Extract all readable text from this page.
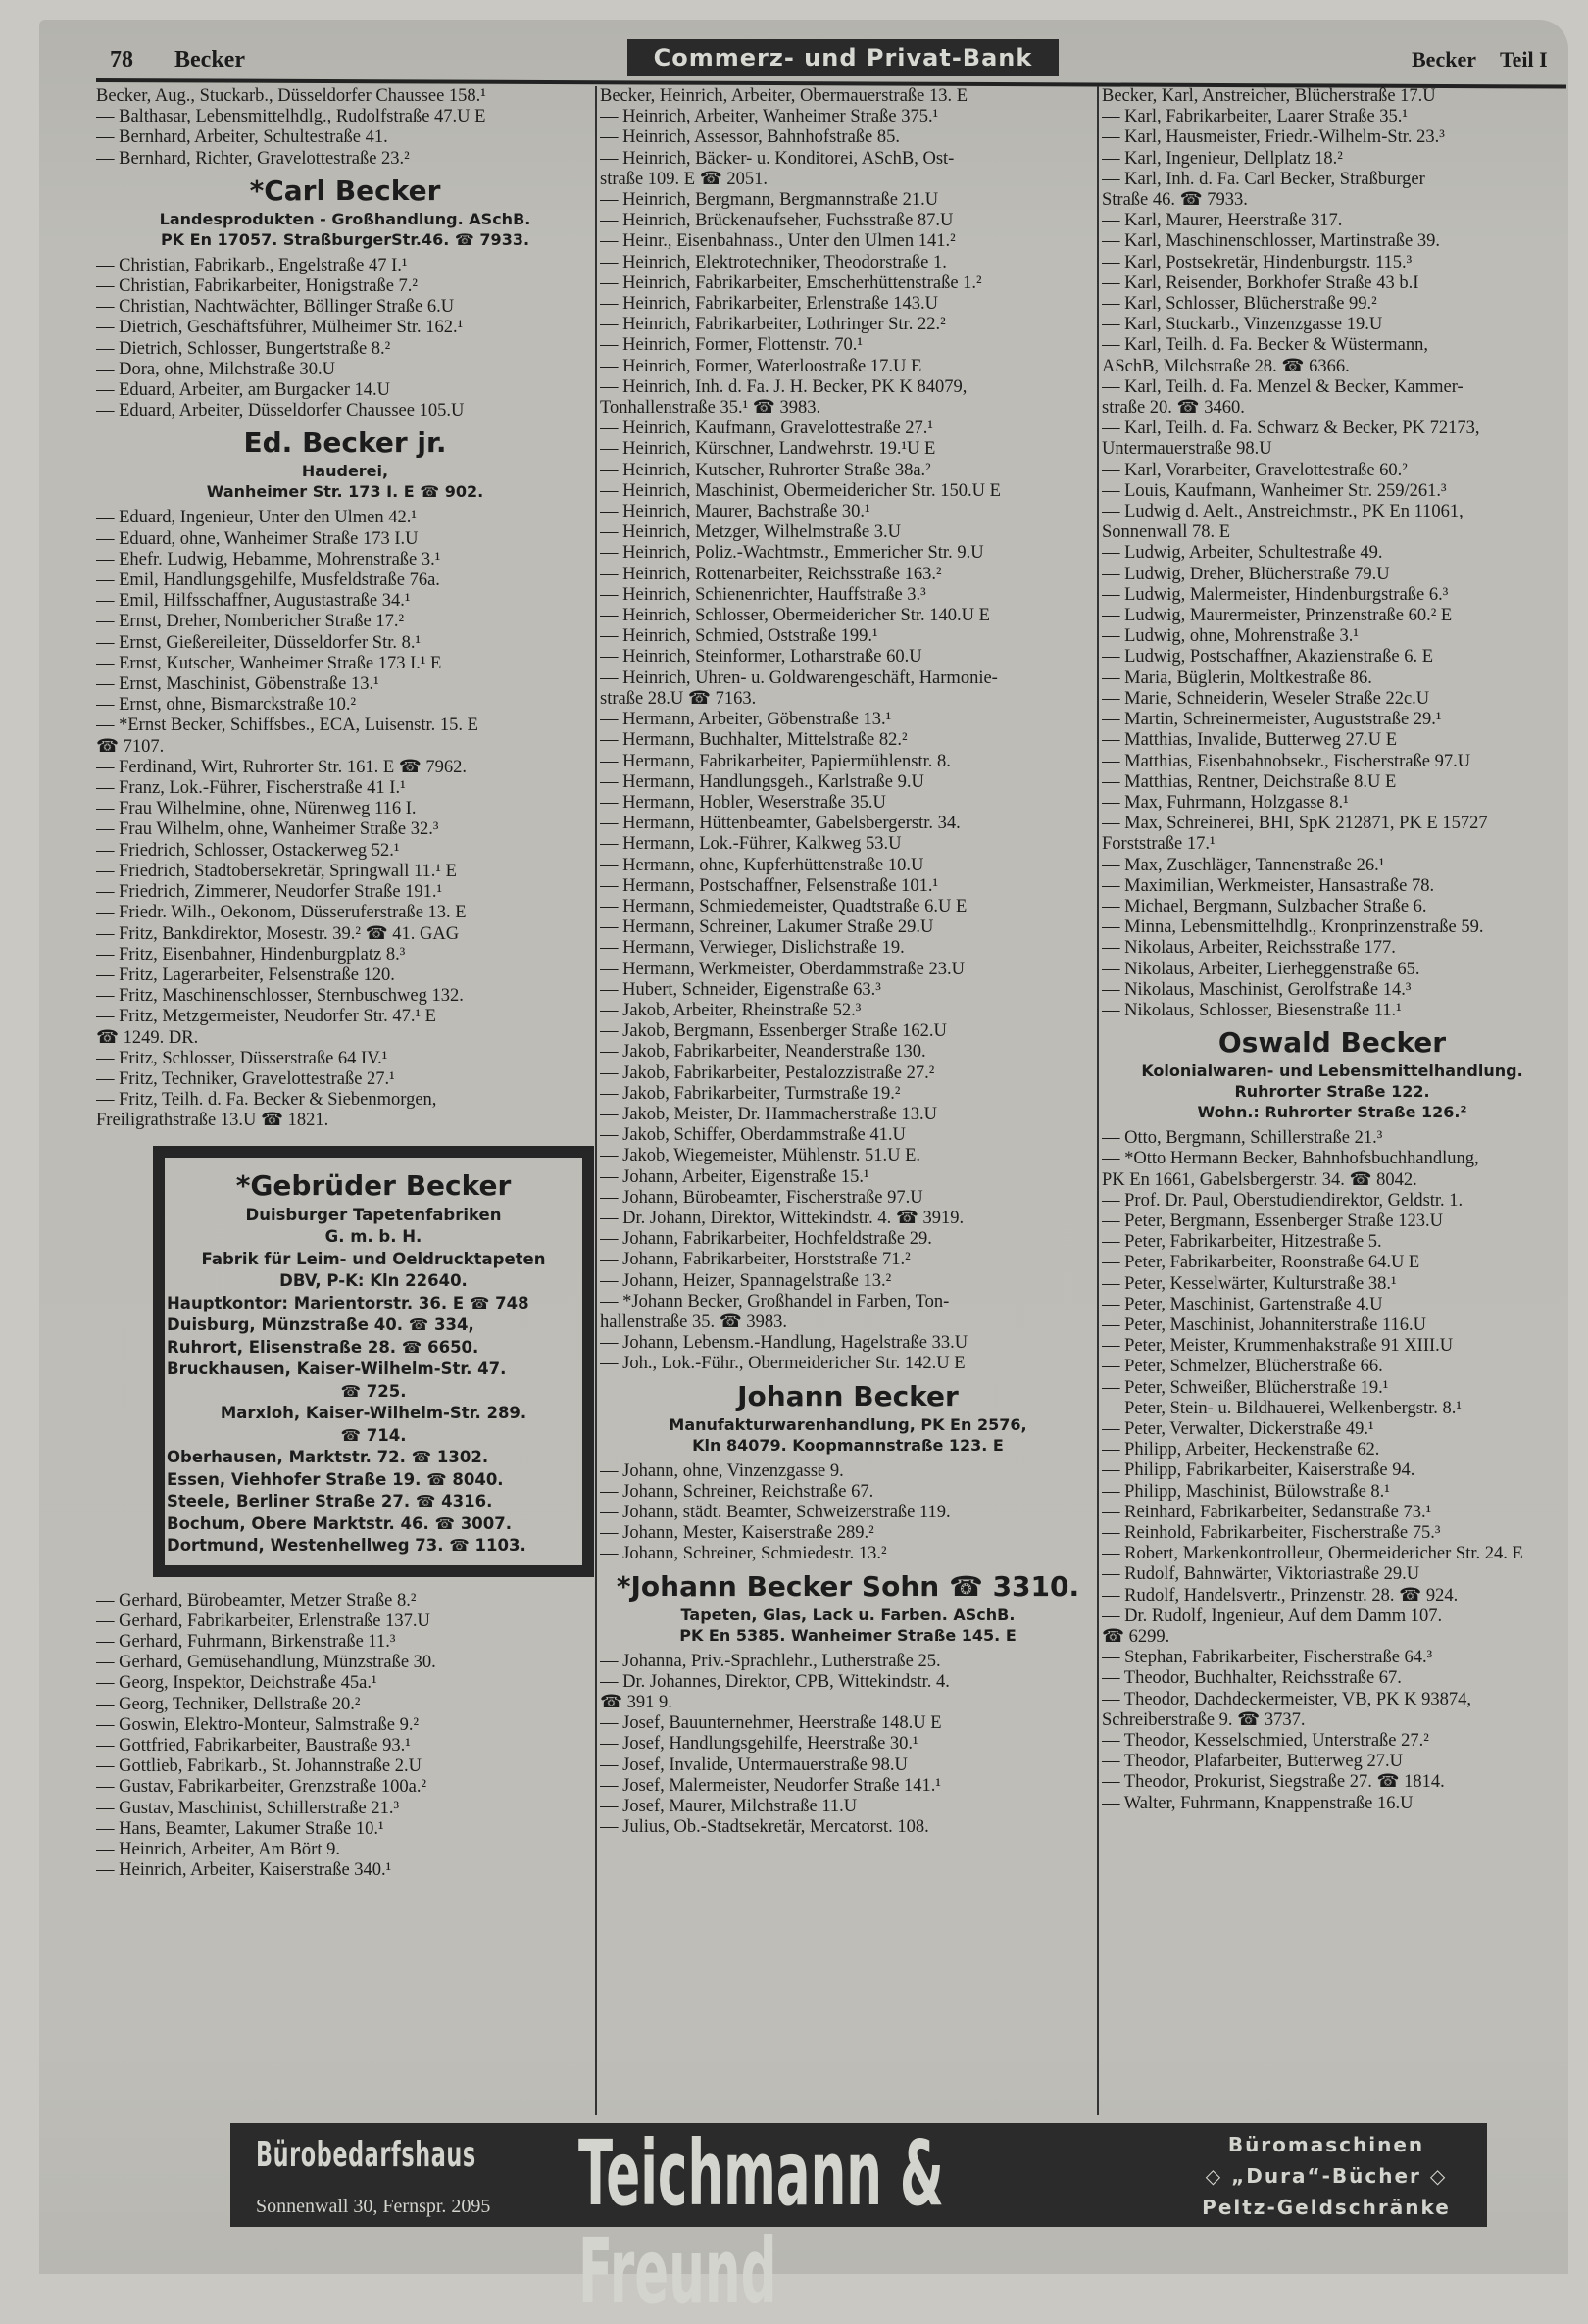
78 Becker	Commerz- und Privat-Bank	Becker Teil I
Becker, Aug., Stuckarb., Düsseldorfer Chaussee 158.¹
— Balthasar, Lebensmittelhdlg., Rudolfstraße 47.U E
— Bernhard, Arbeiter, Schultestraße 41.
— Bernhard, Richter, Gravelottestraße 23.²
*Carl Becker
Landesprodukten - Großhandlung. ASchB.
PK En 17057. StraßburgerStr.46. ☎ 7933.
— Christian, Fabrikarb., Engelstraße 47 I.¹
— Christian, Fabrikarbeiter, Honigstraße 7.²
— Christian, Nachtwächter, Böllinger Straße 6.U
— Dietrich, Geschäftsführer, Mülheimer Str. 162.¹
— Dietrich, Schlosser, Bungertstraße 8.²
— Dora, ohne, Milchstraße 30.U
— Eduard, Arbeiter, am Burgacker 14.U
— Eduard, Arbeiter, Düsseldorfer Chaussee 105.U
Ed. Becker jr.
Hauderei,
Wanheimer Str. 173 I. E ☎ 902.
— Eduard, Ingenieur, Unter den Ulmen 42.¹
— Eduard, ohne, Wanheimer Straße 173 I.U
— Ehefr. Ludwig, Hebamme, Mohrenstraße 3.¹
— Emil, Handlungsgehilfe, Musfeldstraße 76a.
— Emil, Hilfsschaffner, Augustastraße 34.¹
— Ernst, Dreher, Nombericher Straße 17.²
— Ernst, Gießereileiter, Düsseldorfer Str. 8.¹
— Ernst, Kutscher, Wanheimer Straße 173 I.¹ E
— Ernst, Maschinist, Göbenstraße 13.¹
— Ernst, ohne, Bismarckstraße 10.²
— *Ernst Becker, Schiffsbes., ECA, Luisenstr. 15. E
☎ 7107.
— Ferdinand, Wirt, Ruhrorter Str. 161. E ☎ 7962.
— Franz, Lok.-Führer, Fischerstraße 41 I.¹
— Frau Wilhelmine, ohne, Nürenweg 116 I.
— Frau Wilhelm, ohne, Wanheimer Straße 32.³
— Friedrich, Schlosser, Ostackerweg 52.¹
— Friedrich, Stadtobersekretär, Springwall 11.¹ E
— Friedrich, Zimmerer, Neudorfer Straße 191.¹
— Friedr. Wilh., Oekonom, Düsseruferstraße 13. E
— Fritz, Bankdirektor, Mosestr. 39.² ☎ 41. GAG
— Fritz, Eisenbahner, Hindenburgplatz 8.³
— Fritz, Lagerarbeiter, Felsenstraße 120.
— Fritz, Maschinenschlosser, Sternbuschweg 132.
— Fritz, Metzgermeister, Neudorfer Str. 47.¹ E
☎ 1249. DR.
— Fritz, Schlosser, Düsserstraße 64 IV.¹
— Fritz, Techniker, Gravelottestraße 27.¹
— Fritz, Teilh. d. Fa. Becker & Siebenmorgen,
Freiligrathstraße 13.U ☎ 1821.
*Gebrüder Becker
Duisburger Tapetenfabriken
G. m. b. H.
Fabrik für Leim- und Oeldrucktapeten
DBV, P-K: Kln 22640.
Hauptkontor: Marientorstr. 36. E ☎ 748
Duisburg, Münzstraße 40. ☎ 334,
Ruhrort, Elisenstraße 28. ☎ 6650.
Bruckhausen, Kaiser-Wilhelm-Str. 47.
☎ 725.
Marxloh, Kaiser-Wilhelm-Str. 289.
☎ 714.
Oberhausen, Marktstr. 72. ☎ 1302.
Essen, Viehhofer Straße 19. ☎ 8040.
Steele, Berliner Straße 27. ☎ 4316.
Bochum, Obere Marktstr. 46. ☎ 3007.
Dortmund, Westenhellweg 73. ☎ 1103.
— Gerhard, Bürobeamter, Metzer Straße 8.²
— Gerhard, Fabrikarbeiter, Erlenstraße 137.U
— Gerhard, Fuhrmann, Birkenstraße 11.³
— Gerhard, Gemüsehandlung, Münzstraße 30.
— Georg, Inspektor, Deichstraße 45a.¹
— Georg, Techniker, Dellstraße 20.²
— Goswin, Elektro-Monteur, Salmstraße 9.²
— Gottfried, Fabrikarbeiter, Baustraße 93.¹
— Gottlieb, Fabrikarb., St. Johannstraße 2.U
— Gustav, Fabrikarbeiter, Grenzstraße 100a.²
— Gustav, Maschinist, Schillerstraße 21.³
— Hans, Beamter, Lakumer Straße 10.¹
— Heinrich, Arbeiter, Am Bört 9.
— Heinrich, Arbeiter, Kaiserstraße 340.¹
Becker, Heinrich, Arbeiter, Obermauerstraße 13. E
— Heinrich, Arbeiter, Wanheimer Straße 375.¹
— Heinrich, Assessor, Bahnhofstraße 85.
— Heinrich, Bäcker- u. Konditorei, ASchB, Ost-
straße 109. E ☎ 2051.
— Heinrich, Bergmann, Bergmannstraße 21.U
— Heinrich, Brückenaufseher, Fuchsstraße 87.U
— Heinr., Eisenbahnass., Unter den Ulmen 141.²
— Heinrich, Elektrotechniker, Theodorstraße 1.
— Heinrich, Fabrikarbeiter, Emscherhüttenstraße 1.²
— Heinrich, Fabrikarbeiter, Erlenstraße 143.U
— Heinrich, Fabrikarbeiter, Lothringer Str. 22.²
— Heinrich, Former, Flottenstr. 70.¹
— Heinrich, Former, Waterloostraße 17.U E
— Heinrich, Inh. d. Fa. J. H. Becker, PK K 84079,
Tonhallenstraße 35.¹ ☎ 3983.
— Heinrich, Kaufmann, Gravelottestraße 27.¹
— Heinrich, Kürschner, Landwehrstr. 19.¹U E
— Heinrich, Kutscher, Ruhrorter Straße 38a.²
— Heinrich, Maschinist, Obermeidericher Str. 150.U E
— Heinrich, Maurer, Bachstraße 30.¹
— Heinrich, Metzger, Wilhelmstraße 3.U
— Heinrich, Poliz.-Wachtmstr., Emmericher Str. 9.U
— Heinrich, Rottenarbeiter, Reichsstraße 163.²
— Heinrich, Schienenrichter, Hauffstraße 3.³
— Heinrich, Schlosser, Obermeidericher Str. 140.U E
— Heinrich, Schmied, Oststraße 199.¹
— Heinrich, Steinformer, Lotharstraße 60.U
— Heinrich, Uhren- u. Goldwarengeschäft, Harmonie-
straße 28.U ☎ 7163.
— Hermann, Arbeiter, Göbenstraße 13.¹
— Hermann, Buchhalter, Mittelstraße 82.²
— Hermann, Fabrikarbeiter, Papiermühlenstr. 8.
— Hermann, Handlungsgeh., Karlstraße 9.U
— Hermann, Hobler, Weserstraße 35.U
— Hermann, Hüttenbeamter, Gabelsbergerstr. 34.
— Hermann, Lok.-Führer, Kalkweg 53.U
— Hermann, ohne, Kupferhüttenstraße 10.U
— Hermann, Postschaffner, Felsenstraße 101.¹
— Hermann, Schmiedemeister, Quadtstraße 6.U E
— Hermann, Schreiner, Lakumer Straße 29.U
— Hermann, Verwieger, Dislichstraße 19.
— Hermann, Werkmeister, Oberdammstraße 23.U
— Hubert, Schneider, Eigenstraße 63.³
— Jakob, Arbeiter, Rheinstraße 52.³
— Jakob, Bergmann, Essenberger Straße 162.U
— Jakob, Fabrikarbeiter, Neanderstraße 130.
— Jakob, Fabrikarbeiter, Pestalozzistraße 27.²
— Jakob, Fabrikarbeiter, Turmstraße 19.²
— Jakob, Meister, Dr. Hammacherstraße 13.U
— Jakob, Schiffer, Oberdammstraße 41.U
— Jakob, Wiegemeister, Mühlenstr. 51.U E.
— Johann, Arbeiter, Eigenstraße 15.¹
— Johann, Bürobeamter, Fischerstraße 97.U
— Dr. Johann, Direktor, Wittekindstr. 4. ☎ 3919.
— Johann, Fabrikarbeiter, Hochfeldstraße 29.
— Johann, Fabrikarbeiter, Horststraße 71.²
— Johann, Heizer, Spannagelstraße 13.²
— *Johann Becker, Großhandel in Farben, Ton-
hallenstraße 35. ☎ 3983.
— Johann, Lebensm.-Handlung, Hagelstraße 33.U
— Joh., Lok.-Führ., Obermeidericher Str. 142.U E
Johann Becker
Manufakturwarenhandlung, PK En 2576,
Kln 84079. Koopmannstraße 123. E
— Johann, ohne, Vinzenzgasse 9.
— Johann, Schreiner, Reichstraße 67.
— Johann, städt. Beamter, Schweizerstraße 119.
— Johann, Mester, Kaiserstraße 289.²
— Johann, Schreiner, Schmiedestr. 13.²
*Johann Becker Sohn ☎ 3310.
Tapeten, Glas, Lack u. Farben. ASchB.
PK En 5385. Wanheimer Straße 145. E
— Johanna, Priv.-Sprachlehr., Lutherstraße 25.
— Dr. Johannes, Direktor, CPB, Wittekindstr. 4.
☎ 391 9.
— Josef, Bauunternehmer, Heerstraße 148.U E
— Josef, Handlungsgehilfe, Heerstraße 30.¹
— Josef, Invalide, Untermauerstraße 98.U
— Josef, Malermeister, Neudorfer Straße 141.¹
— Josef, Maurer, Milchstraße 11.U
— Julius, Ob.-Stadtsekretär, Mercatorst. 108.
Becker, Karl, Anstreicher, Blücherstraße 17.U
— Karl, Fabrikarbeiter, Laarer Straße 35.¹
— Karl, Hausmeister, Friedr.-Wilhelm-Str. 23.³
— Karl, Ingenieur, Dellplatz 18.²
— Karl, Inh. d. Fa. Carl Becker, Straßburger
Straße 46. ☎ 7933.
— Karl, Maurer, Heerstraße 317.
— Karl, Maschinenschlosser, Martinstraße 39.
— Karl, Postsekretär, Hindenburgstr. 115.³
— Karl, Reisender, Borkhofer Straße 43 b.I
— Karl, Schlosser, Blücherstraße 99.²
— Karl, Stuckarb., Vinzenzgasse 19.U
— Karl, Teilh. d. Fa. Becker & Wüstermann,
ASchB, Milchstraße 28. ☎ 6366.
— Karl, Teilh. d. Fa. Menzel & Becker, Kammer-
straße 20. ☎ 3460.
— Karl, Teilh. d. Fa. Schwarz & Becker, PK 72173,
Untermauerstraße 98.U
— Karl, Vorarbeiter, Gravelottestraße 60.²
— Louis, Kaufmann, Wanheimer Str. 259/261.³
— Ludwig d. Aelt., Anstreichmstr., PK En 11061,
Sonnenwall 78. E
— Ludwig, Arbeiter, Schultestraße 49.
— Ludwig, Dreher, Blücherstraße 79.U
— Ludwig, Malermeister, Hindenburgstraße 6.³
— Ludwig, Maurermeister, Prinzenstraße 60.² E
— Ludwig, ohne, Mohrenstraße 3.¹
— Ludwig, Postschaffner, Akazienstraße 6. E
— Maria, Büglerin, Moltkestraße 86.
— Marie, Schneiderin, Weseler Straße 22c.U
— Martin, Schreinermeister, Auguststraße 29.¹
— Matthias, Invalide, Butterweg 27.U E
— Matthias, Eisenbahnobsekr., Fischerstraße 97.U
— Matthias, Rentner, Deichstraße 8.U E
— Max, Fuhrmann, Holzgasse 8.¹
— Max, Schreinerei, BHI, SpK 212871, PK E 15727
Forststraße 17.¹
— Max, Zuschläger, Tannenstraße 26.¹
— Maximilian, Werkmeister, Hansastraße 78.
— Michael, Bergmann, Sulzbacher Straße 6.
— Minna, Lebensmittelhdlg., Kronprinzenstraße 59.
— Nikolaus, Arbeiter, Reichsstraße 177.
— Nikolaus, Arbeiter, Lierheggenstraße 65.
— Nikolaus, Maschinist, Gerolfstraße 14.³
— Nikolaus, Schlosser, Biesenstraße 11.¹
Oswald Becker
Kolonialwaren- und Lebensmittelhandlung.
Ruhrorter Straße 122.
Wohn.: Ruhrorter Straße 126.²
— Otto, Bergmann, Schillerstraße 21.³
— *Otto Hermann Becker, Bahnhofsbuchhandlung,
PK En 1661, Gabelsbergerstr. 34. ☎ 8042.
— Prof. Dr. Paul, Oberstudiendirektor, Geldstr. 1.
— Peter, Bergmann, Essenberger Straße 123.U
— Peter, Fabrikarbeiter, Hitzestraße 5.
— Peter, Fabrikarbeiter, Roonstraße 64.U E
— Peter, Kesselwärter, Kulturstraße 38.¹
— Peter, Maschinist, Gartenstraße 4.U
— Peter, Maschinist, Johanniterstraße 116.U
— Peter, Meister, Krummenhakstraße 91 XIII.U
— Peter, Schmelzer, Blücherstraße 66.
— Peter, Schweißer, Blücherstraße 19.¹
— Peter, Stein- u. Bildhauerei, Welkenbergstr. 8.¹
— Peter, Verwalter, Dickerstraße 49.¹
— Philipp, Arbeiter, Heckenstraße 62.
— Philipp, Fabrikarbeiter, Kaiserstraße 94.
— Philipp, Maschinist, Bülowstraße 8.¹
— Reinhard, Fabrikarbeiter, Sedanstraße 73.¹
— Reinhold, Fabrikarbeiter, Fischerstraße 75.³
— Robert, Markenkontrolleur, Obermeidericher Str. 24. E
— Rudolf, Bahnwärter, Viktoriastraße 29.U
— Rudolf, Handelsvertr., Prinzenstr. 28. ☎ 924.
— Dr. Rudolf, Ingenieur, Auf dem Damm 107.
☎ 6299.
— Stephan, Fabrikarbeiter, Fischerstraße 64.³
— Theodor, Buchhalter, Reichsstraße 67.
— Theodor, Dachdeckermeister, VB, PK K 93874,
Schreiberstraße 9. ☎ 3737.
— Theodor, Kesselschmied, Unterstraße 27.²
— Theodor, Plafarbeiter, Butterweg 27.U
— Theodor, Prokurist, Siegstraße 27. ☎ 1814.
— Walter, Fuhrmann, Knappenstraße 16.U
Bürobedarfshaus
Sonnenwall 30, Fernspr. 2095 Teichmann & Freund
Büromaschinen
◇ „Dura“-Bücher ◇
Peltz-Geldschränke
